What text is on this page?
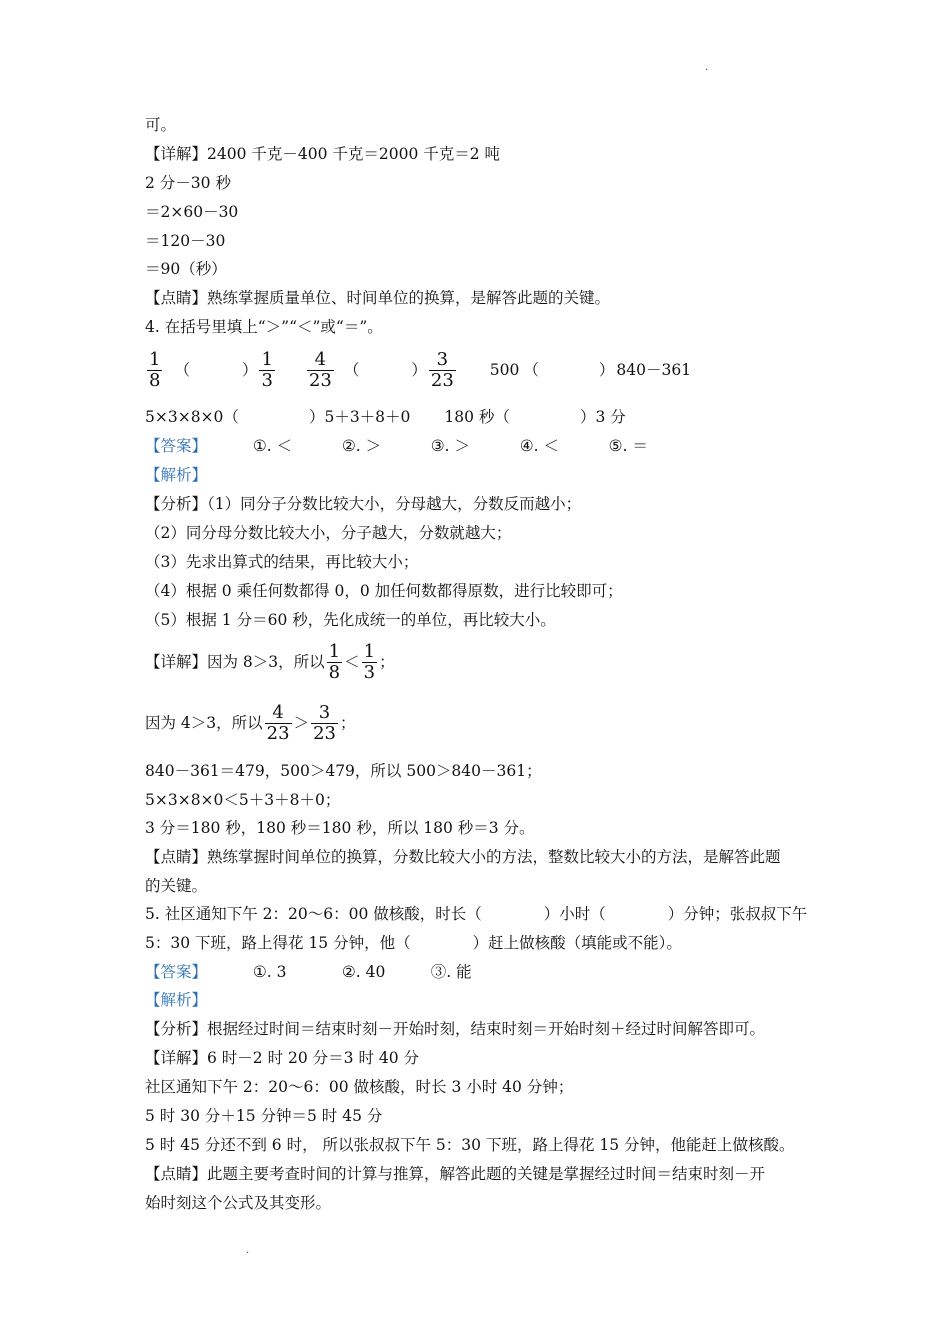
.
可。
【详解】2400 千克－400 千克＝2000 千克＝2 吨
2 分－30 秒
＝2×60－30
＝120－30
＝90（秒）
【点睛】熟练掌握质量单位、时间单位的换算，是解答此题的关键。
4. 在括号里填上“＞”“＜”或“＝”。
$\frac{1}{8}$ （	） $\frac{1}{3} \frac{4}{23}$ （	） $\frac{3}{23} 500$ （	） 840－361
5×3×8×0（	）5＋3＋8＋0 180 秒（	）3 分
【答案】	①. ＜	②. ＞	③. ＞	④. ＜	⑤. ＝
【解析】
【分析】（1）同分子分数比较大小，分母越大，分数反而越小；
（2）同分母分数比较大小，分子越大，分数就越大；
（3）先求出算式的结果，再比较大小；
（4）根据 0 乘任何数都得 0，0 加任何数都得原数，进行比较即可；
（5）根据 1 分＝60 秒，先化成统一的单位，再比较大小。
【详解】因为 8＞3，所以 $\frac{1}{8} < \frac{1}{3}$ ；
因为 4＞3，所以 $\frac{4}{23} > \frac{3}{23}$ ；
840－361＝479，500＞479，所以 500＞840－361；
5×3×8×0＜5＋3＋8＋0；
3 分＝180 秒，180 秒＝180 秒，所以 180 秒＝3 分。
【点睛】熟练掌握时间单位的换算，分数比较大小的方法，整数比较大小的方法，是解答此题
的关键。
5. 社区通知下午 2：20～6：00 做核酸，时长（	）小时（	）分钟；张叔叔下午
5：30 下班，路上得花 15 分钟，他（	）赶上做核酸（填能或不能）。
【答案】	①. 3	②. 40	③. 能
【解析】
【分析】根据经过时间＝结束时刻－开始时刻，结束时刻＝开始时刻＋经过时间解答即可。
【详解】6 时－2 时 20 分＝3 时 40 分
社区通知下午 2：20～6：00 做核酸，时长 3 小时 40 分钟；
5 时 30 分＋15 分钟＝5 时 45 分
5 时 45 分还不到 6 时， 所以张叔叔下午 5：30 下班，路上得花 15 分钟，他能赶上做核酸。
【点睛】此题主要考查时间的计算与推算，解答此题的关键是掌握经过时间＝结束时刻－开
始时刻这个公式及其变形。
.
